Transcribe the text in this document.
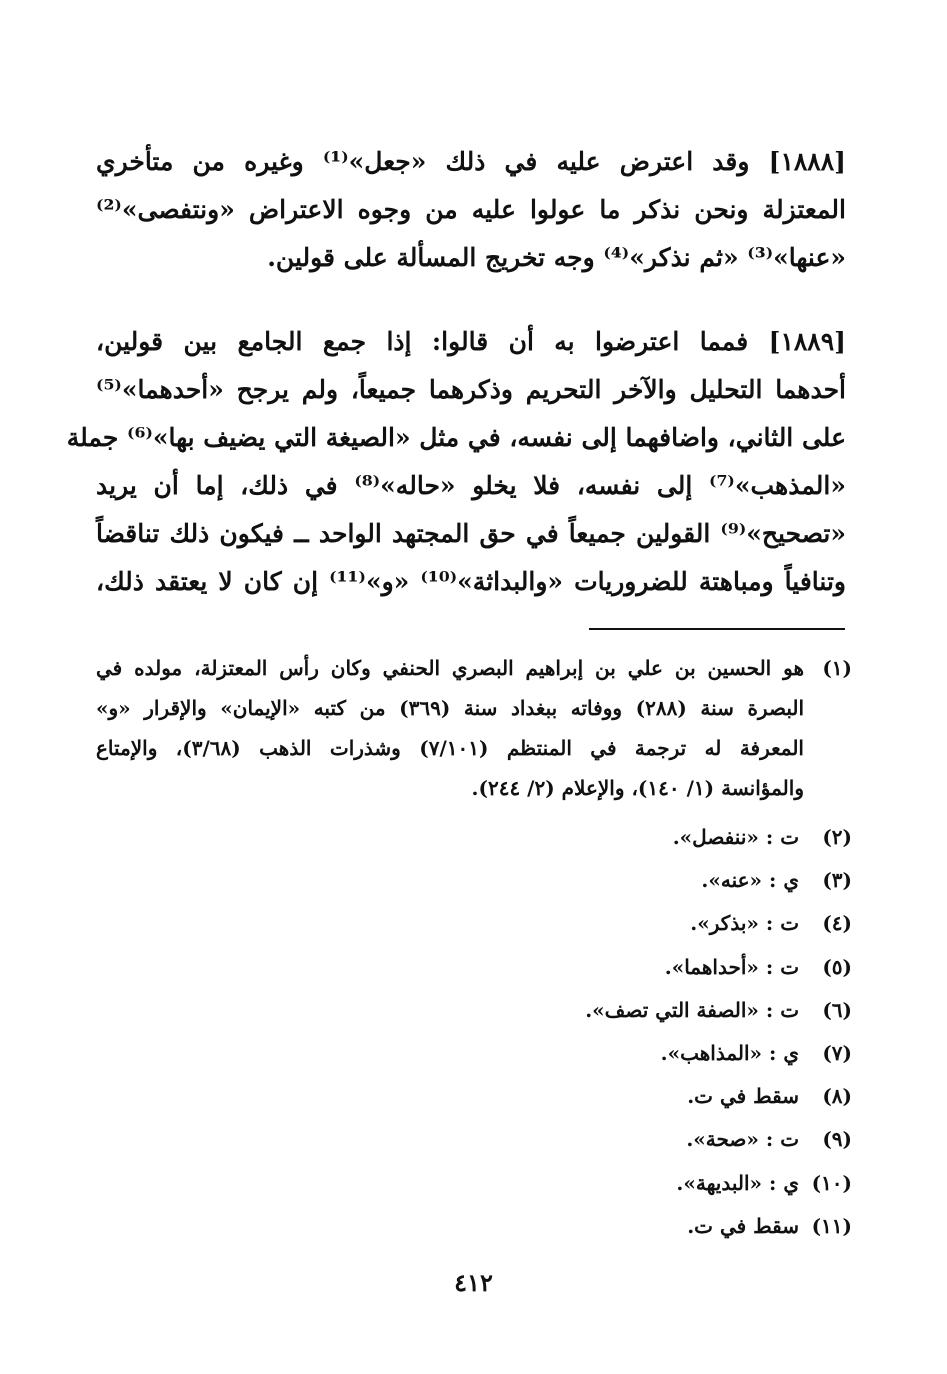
[١٨٨٨] وقد اعترض عليه في ذلك «جعل»⁽¹⁾ وغيره من متأخري
المعتزلة ونحن نذكر ما عولوا عليه من وجوه الاعتراض «ونتفصى»⁽²⁾
«عنها»⁽³⁾ «ثم نذكر»⁽⁴⁾ وجه تخريج المسألة على قولين.
[١٨٨٩] فمما اعترضوا به أن قالوا: إذا جمع الجامع بين قولين،
أحدهما التحليل والآخر التحريم وذكرهما جميعاً، ولم يرجح «أحدهما»⁽⁵⁾
على الثاني، واضافهما إلى نفسه، في مثل «الصيغة التي يضيف بها»⁽⁶⁾ جملة
«المذهب»⁽⁷⁾ إلى نفسه، فلا يخلو «حاله»⁽⁸⁾ في ذلك، إما أن يريد
«تصحيح»⁽⁹⁾ القولين جميعاً في حق المجتهد الواحد ــ فيكون ذلك تناقضاً
وتنافياً ومباهتة للضروريات «والبداثة»⁽¹⁰⁾ «و»⁽¹¹⁾ إن كان لا يعتقد ذلك،
(١)هو الحسين بن علي بن إبراهيم البصري الحنفي وكان رأس المعتزلة، مولده في
البصرة سنة (٢٨٨) ووفاته ببغداد سنة (٣٦٩) من كتبه «الإيمان» والإقرار «و»
المعرفة له ترجمة في المنتظم (٧/١٠١) وشذرات الذهب (٣/٦٨)، والإمتاع
والمؤانسة (١/ ١٤٠)، والإعلام (٢/ ٢٤٤).
(٢) ت : «ننفصل».
(٣) ي : «عنه».
(٤) ت : «بذكر».
(٥) ت : «أحداهما».
(٦) ت : «الصفة التي تصف».
(٧) ي : «المذاهب».
(٨) سقط في ت.
(٩) ت : «صحة».
(١٠) ي : «البديهة».
(١١) سقط في ت.
٤١٢
